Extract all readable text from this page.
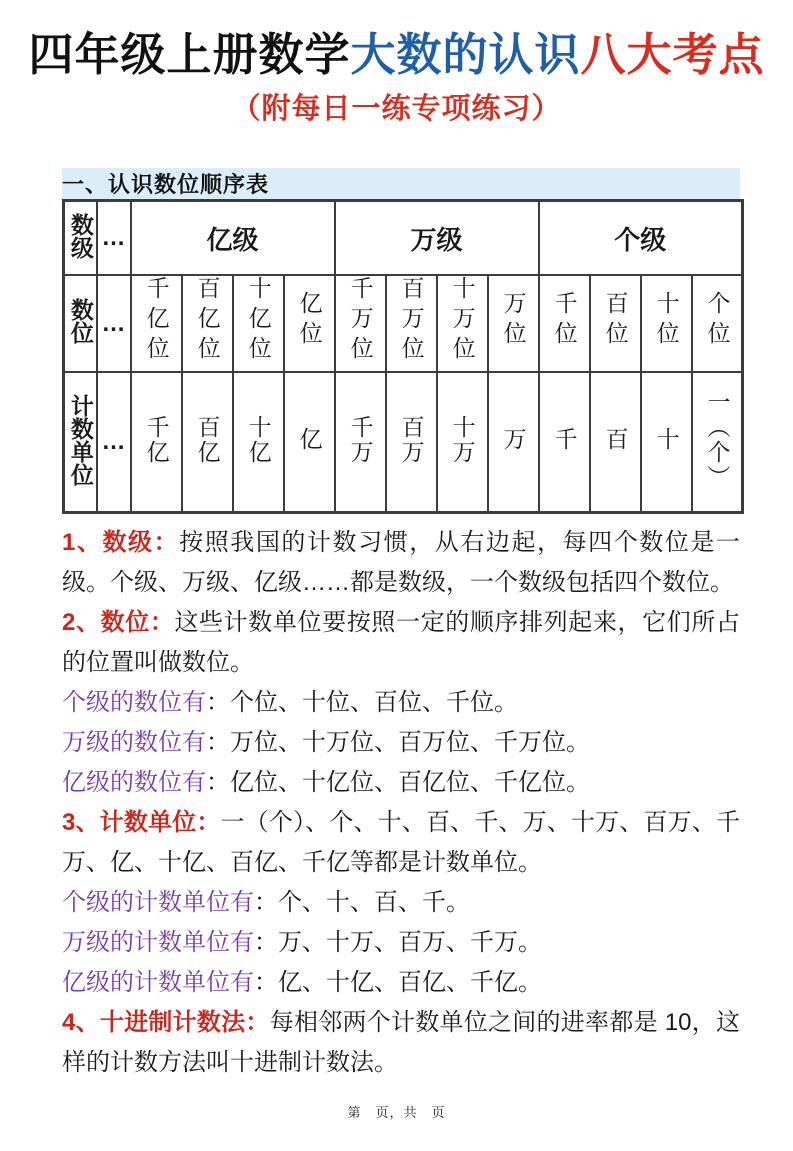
四年级上册数学大数的认识八大考点
（附每日一练专项练习）
一、认识数位顺序表
数级	…	亿级				万级				个级			
数位	…	千亿位	百亿位	十亿位	亿位	千万位	百万位	十万位	万位	千位	百位	十位	个位
计数单位	…	千亿	百亿	十亿	亿	千万	百万	十万	万	千	百	十	一（个）

1、数级：按照我国的计数习惯，从右边起，每四个数位是一级。个级、万级、亿级……都是数级，一个数级包括四个数位。

2、数位：这些计数单位要按照一定的顺序排列起来，它们所占的位置叫做数位。

个级的数位有：个位、十位、百位、千位。

万级的数位有：万位、十万位、百万位、千万位。

亿级的数位有：亿位、十亿位、百亿位、千亿位。

3、计数单位：一（个）、个、十、百、千、万、十万、百万、千万、亿、十亿、百亿、千亿等都是计数单位。

个级的计数单位有：个、十、百、千。

万级的计数单位有：万、十万、百万、千万。

亿级的计数单位有：亿、十亿、百亿、千亿。

4、十进制计数法：每相邻两个计数单位之间的进率都是 10，这样的计数方法叫十进制计数法。

第　页，共　页
